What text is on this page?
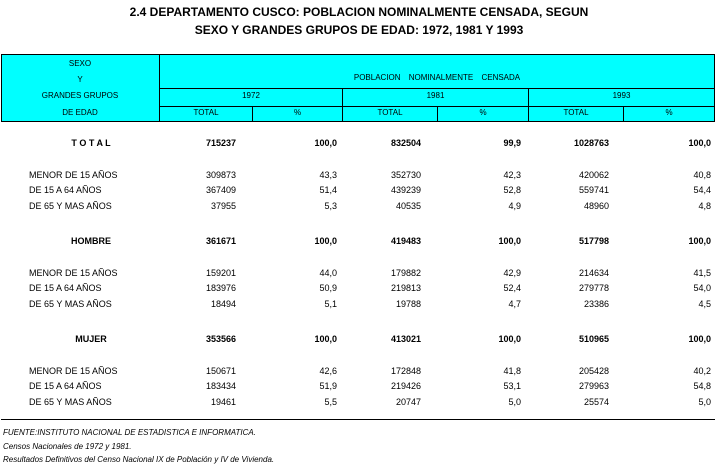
2.4 DEPARTAMENTO CUSCO: POBLACION NOMINALMENTE CENSADA, SEGUN
SEXO Y GRANDES GRUPOS DE EDAD: 1972, 1981 Y 1993
SEXO
Y
GRANDES GRUPOS
DE EDAD
POBLACION NOMINALMENTE CENSADA
1972	1981	1993
TOTAL	%	TOTAL	%	TOTAL	%
T O T A L	715237	100,0	832504	99,9	1028763	100,0
MENOR DE 15 AÑOS	309873	43,3	352730	42,3	420062	40,8
DE 15 A 64 AÑOS	367409	51,4	439239	52,8	559741	54,4
DE 65 Y MAS AÑOS	37955	5,3	40535	4,9	48960	4,8
HOMBRE	361671	100,0	419483	100,0	517798	100,0
MENOR DE 15 AÑOS	159201	44,0	179882	42,9	214634	41,5
DE 15 A 64 AÑOS	183976	50,9	219813	52,4	279778	54,0
DE 65 Y MAS AÑOS	18494	5,1	19788	4,7	23386	4,5
MUJER	353566	100,0	413021	100,0	510965	100,0
MENOR DE 15 AÑOS	150671	42,6	172848	41,8	205428	40,2
DE 15 A 64 AÑOS	183434	51,9	219426	53,1	279963	54,8
DE 65 Y MAS AÑOS	19461	5,5	20747	5,0	25574	5,0
FUENTE:INSTITUTO NACIONAL DE ESTADISTICA E INFORMATICA.
Censos Nacionales de 1972 y 1981.
Resultados Definitivos del Censo Nacional IX de Población y IV de Vivienda.
